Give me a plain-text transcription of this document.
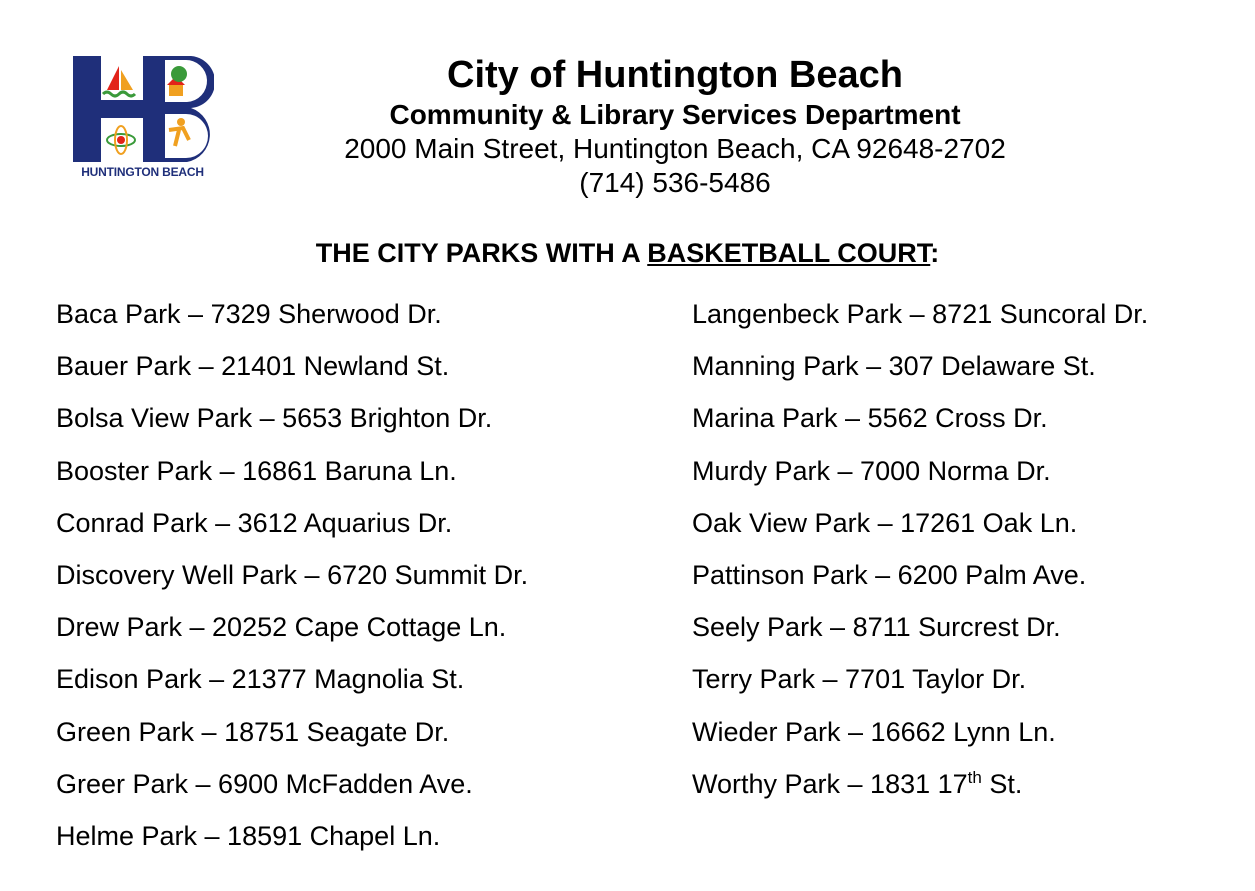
HUNTINGTON BEACH
City of Huntington Beach
Community & Library Services Department
2000 Main Street, Huntington Beach, CA 92648-2702
(714) 536-5486
THE CITY PARKS WITH A BASKETBALL COURT:
Baca Park – 7329 Sherwood Dr.
Bauer Park – 21401 Newland St.
Bolsa View Park – 5653 Brighton Dr.
Booster Park – 16861 Baruna Ln.
Conrad Park – 3612 Aquarius Dr.
Discovery Well Park – 6720 Summit Dr.
Drew Park – 20252 Cape Cottage Ln.
Edison Park – 21377 Magnolia St.
Green Park – 18751 Seagate Dr.
Greer Park – 6900 McFadden Ave.
Helme Park – 18591 Chapel Ln.
Langenbeck Park – 8721 Suncoral Dr.
Manning Park – 307 Delaware St.
Marina Park – 5562 Cross Dr.
Murdy Park – 7000 Norma Dr.
Oak View Park – 17261 Oak Ln.
Pattinson Park – 6200 Palm Ave.
Seely Park – 8711 Surcrest Dr.
Terry Park – 7701 Taylor Dr.
Wieder Park – 16662 Lynn Ln.
Worthy Park – 1831 17th St.
